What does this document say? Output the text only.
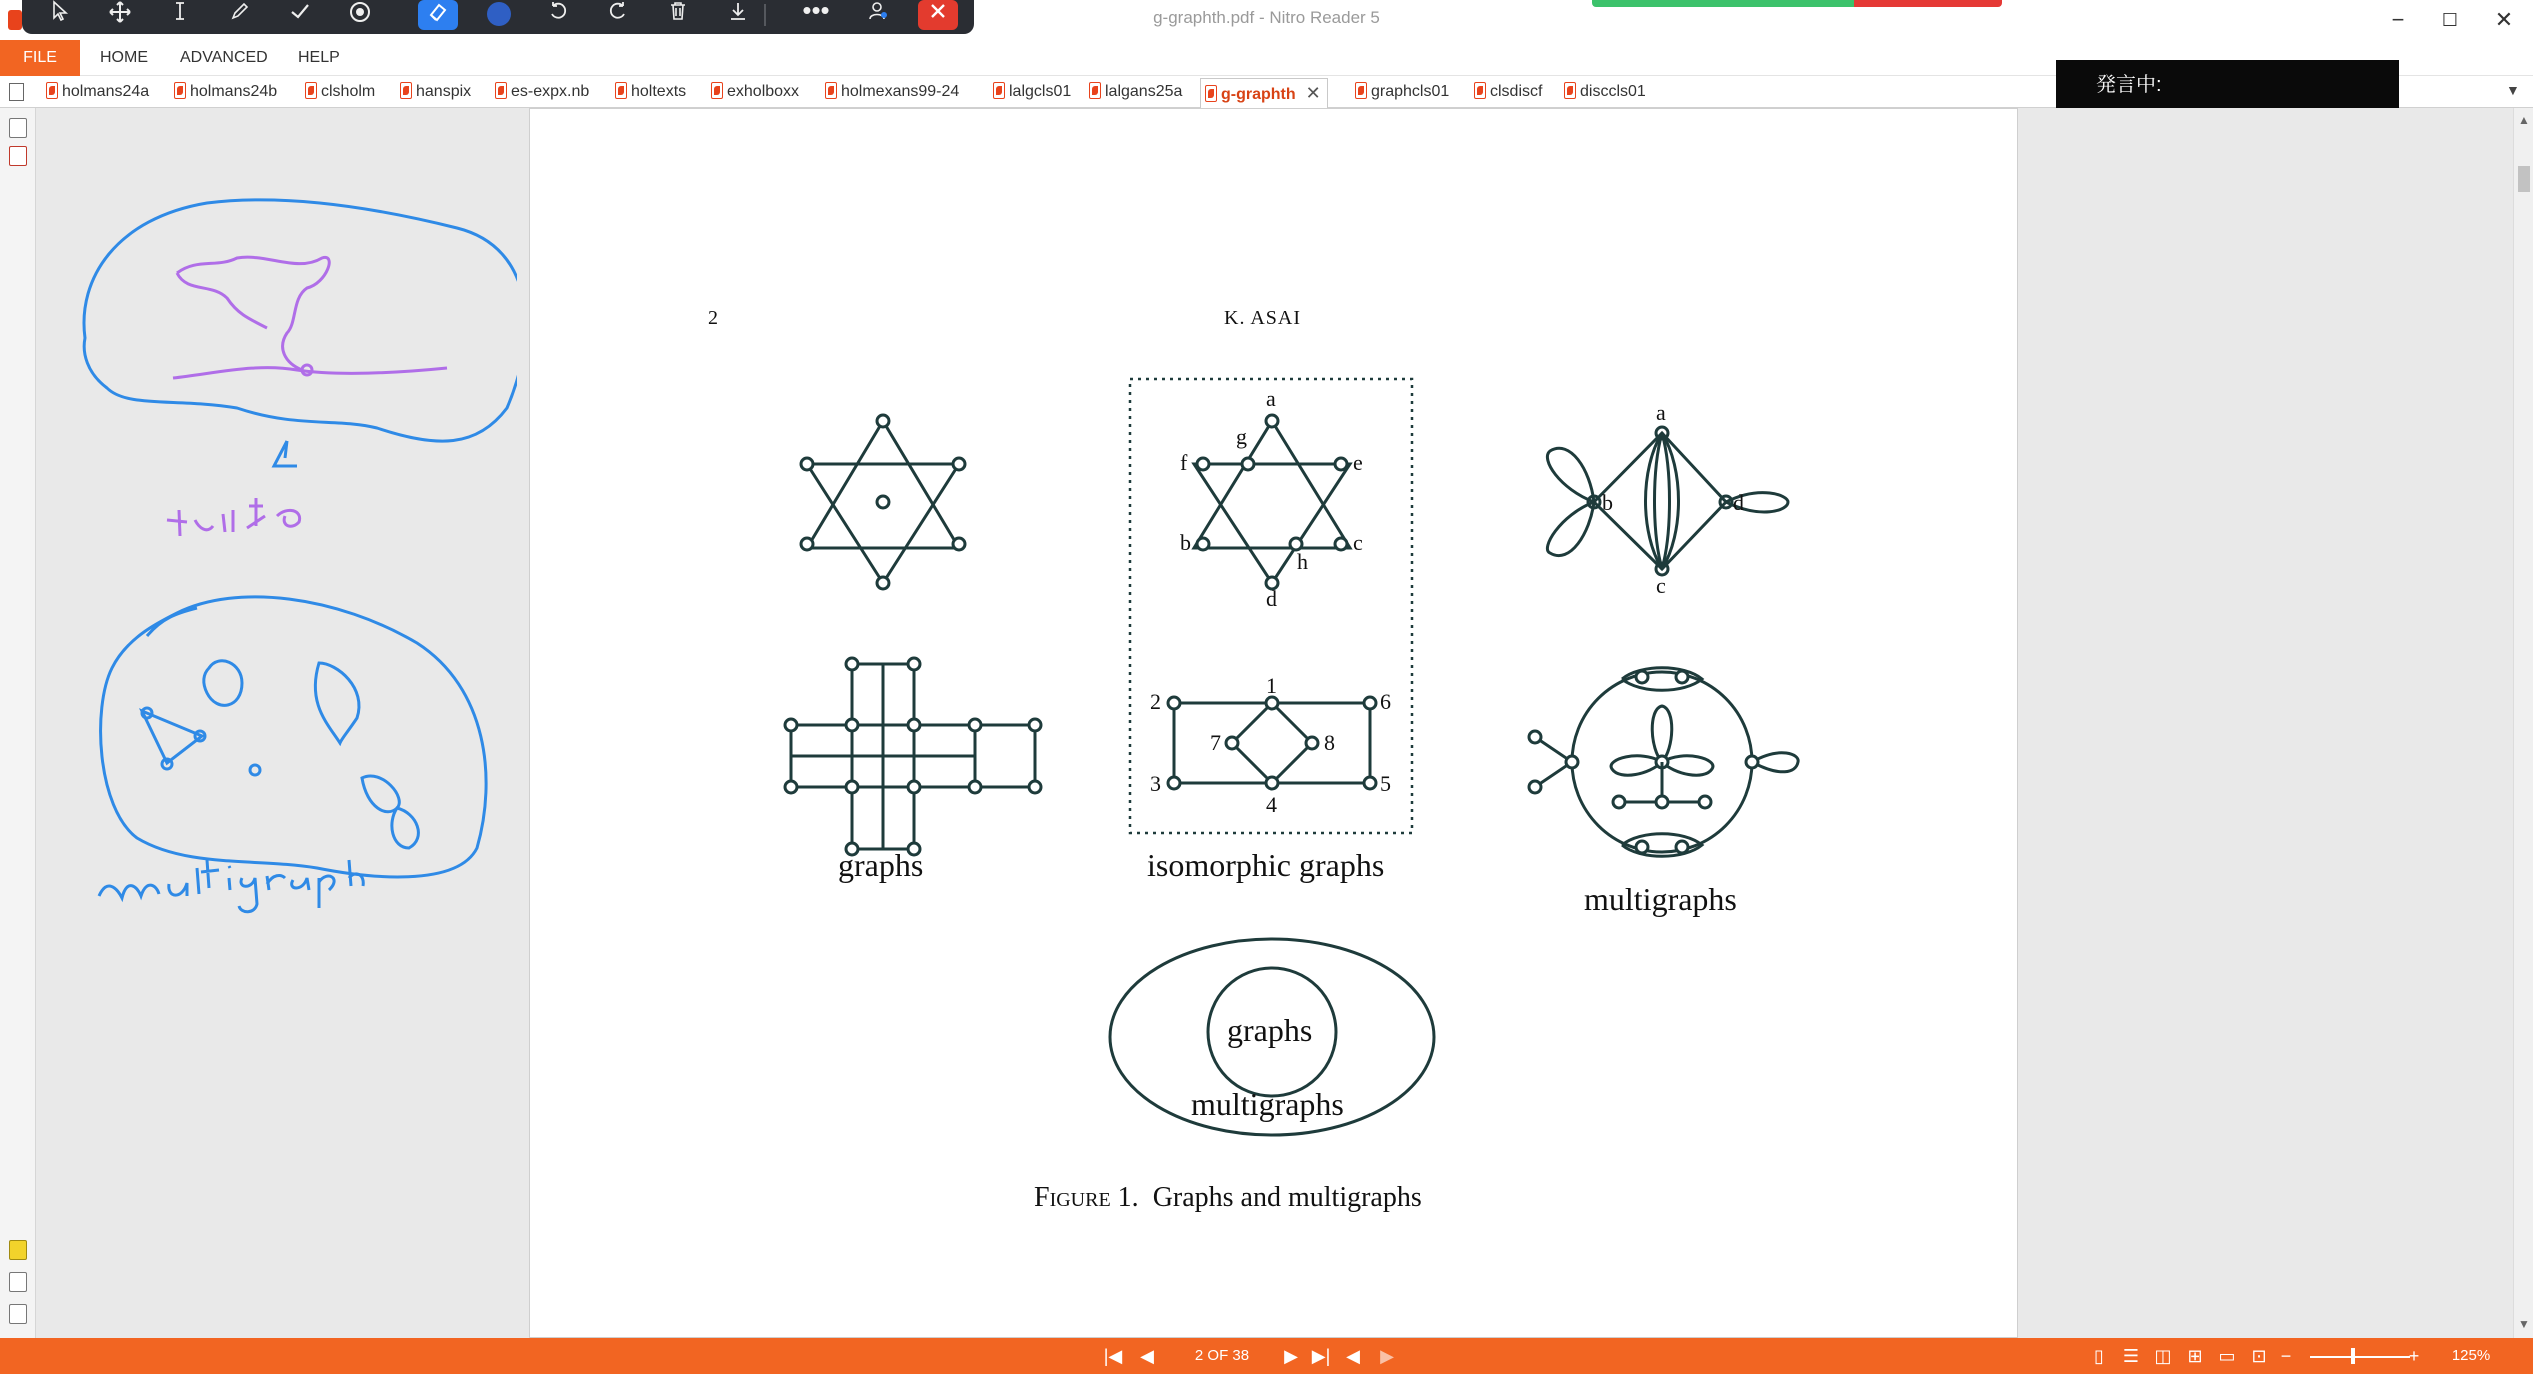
g-graphth.pdf - Nitro Reader 5	−	☐	✕
•••
FILE	HOME	ADVANCED	HELP
holmans24a	holmans24b	clsholm	hanspix	es-expx.nb	holtexts	exholboxx	holmexans99-24	lalgcls01	lalgans25a	g-graphth ✕	graphcls01	clsdiscf	disccls01	▼
発言中:
2	K. ASAI
a
g
f	e
b	c
h
d
1
2	6
7	8
3	5
4
a
b	d
c
graphs	isomorphic graphs
multigraphs
graphs
multigraphs
Figure 1. Graphs and multigraphs
▲
▼
|◀ ◀	2 OF 38	▶ ▶| ◀	▶	▯	☰ ◫ ⊞ ▭ ⊡ −	+	125%
